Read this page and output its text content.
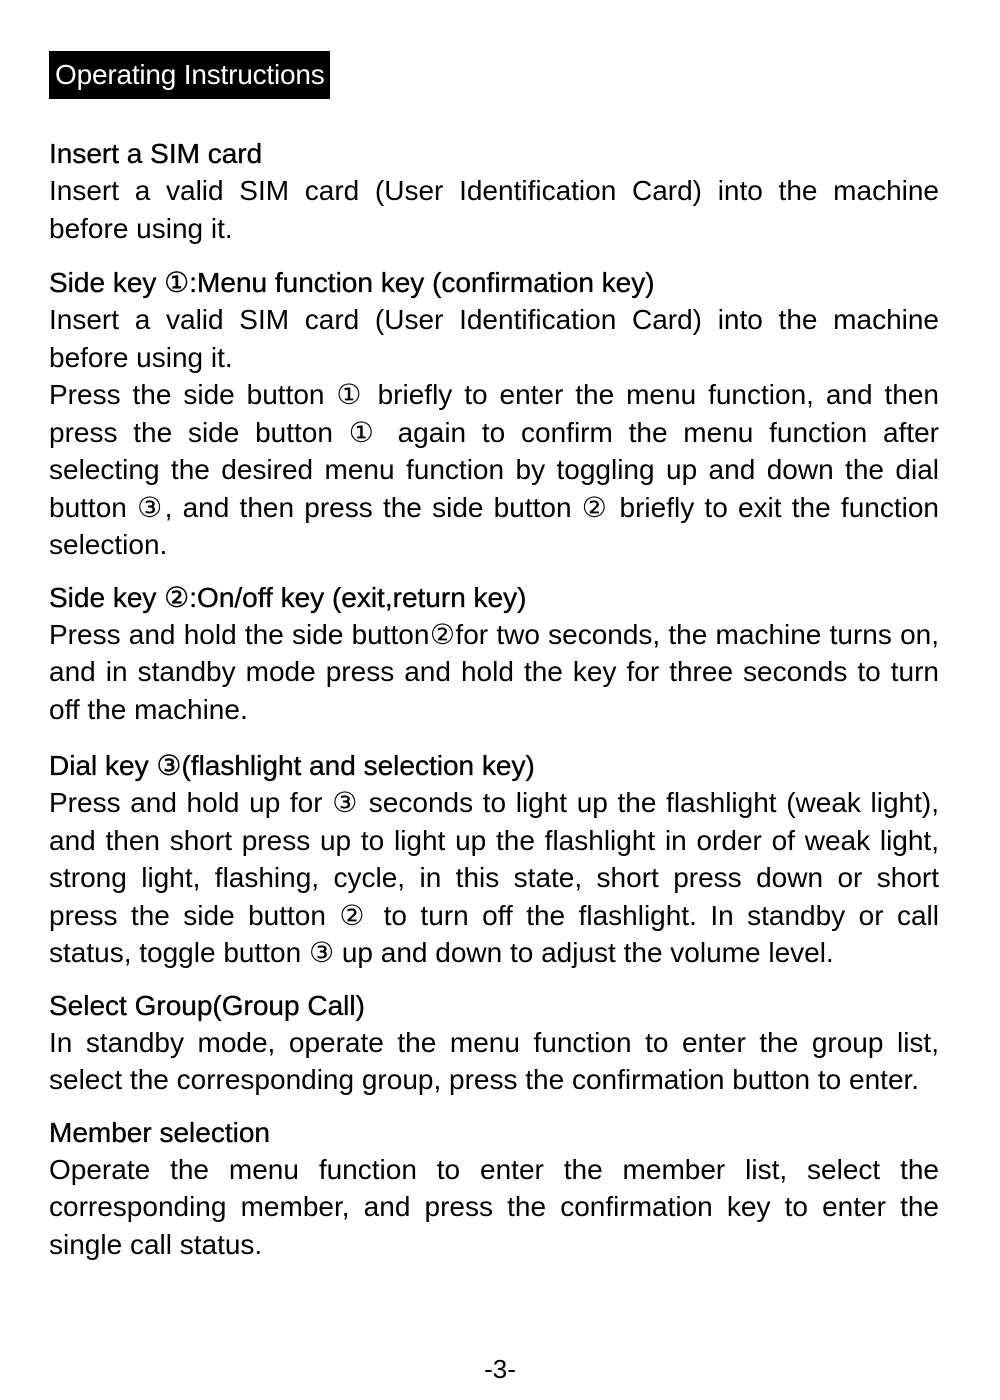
Operating Instructions

Insert a SIM card

Insert a valid SIM card (User Identification Card) into the machine before using it.

Side key ①:Menu function key (confirmation key)

Insert a valid SIM card (User Identification Card) into the machine before using it.

Press the side button ① briefly to enter the menu function, and then press the side button ① again to confirm the menu function after selecting the desired menu function by toggling up and down the dial button ③, and then press the side button ② briefly to exit the function selection.

Side key ②:On/off key (exit,return key)

Press and hold the side button②for two seconds, the machine turns on, and in standby mode press and hold the key for three seconds to turn off the machine.

Dial key ③(flashlight and selection key)

Press and hold up for ③ seconds to light up the flashlight (weak light), and then short press up to light up the flashlight in order of weak light, strong light, flashing, cycle, in this state, short press down or short press the side button ② to turn off the flashlight. In standby or call status, toggle button ③ up and down to adjust the volume level.

Select Group(Group Call)

In standby mode, operate the menu function to enter the group list, select the corresponding group, press the confirmation button to enter.

Member selection

Operate the menu function to enter the member list, select the corresponding member, and press the confirmation key to enter the single call status.

-3-
